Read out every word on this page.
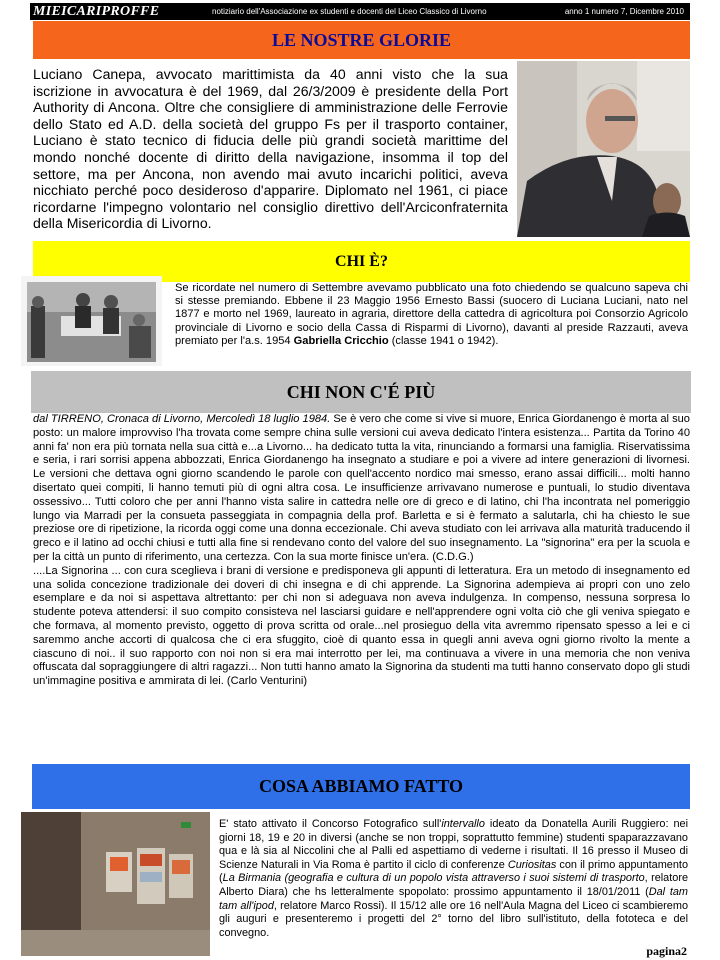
MIEICARIPROFFE	notiziario dell'Associazione ex studenti e docenti del Liceo Classico di Livorno	anno 1 numero 7, Dicembre 2010
LE NOSTRE GLORIE
Luciano Canepa, avvocato marittimista da 40 anni visto che la sua iscrizione in avvocatura è del 1969, dal 26/3/2009 è presidente della Port Authority di Ancona. Oltre che consigliere di amministrazione delle Ferrovie dello Stato ed A.D. della società del gruppo Fs per il trasporto container, Luciano è stato tecnico di fiducia delle più grandi società marittime del mondo nonché docente di diritto della navigazione, insomma il top del settore, ma per Ancona, non avendo mai avuto incarichi politici, aveva nicchiato perché poco desideroso d'apparire. Diplomato nel 1961, ci piace ricordarne l'impegno volontario nel consiglio direttivo dell'Arciconfraternita della Misericordia di Livorno.
CHI È?
Se ricordate nel numero di Settembre avevamo pubblicato una foto chiedendo se qualcuno sapeva chi si stesse premiando. Ebbene il 23 Maggio 1956 Ernesto Bassi (suocero di Luciana Luciani, nato nel 1877 e morto nel 1969, laureato in agraria, direttore della cattedra di agricoltura poi Consorzio Agricolo provinciale di Livorno e socio della Cassa di Risparmi di Livorno), davanti al preside Razzauti, aveva premiato per l'a.s. 1954 Gabriella Cricchio (classe 1941 o 1942).
CHI NON C'É PIÙ

dal TIRRENO, Cronaca di Livorno, Mercoledì 18 luglio 1984. Se è vero che come si vive si muore, Enrica Giordanengo è morta al suo posto: un malore improvviso l'ha trovata come sempre china sulle versioni cui aveva dedicato l'intera esistenza... Partita da Torino 40 anni fa' non era più tornata nella sua città e...a Livorno... ha dedicato tutta la vita, rinunciando a formarsi una famiglia. Riservatissima e seria, i rari sorrisi appena abbozzati, Enrica Giordanengo ha insegnato a studiare e poi a vivere ad intere generazioni di livornesi. Le versioni che dettava ogni giorno scandendo le parole con quell'accento nordico mai smesso, erano assai difficili... molti hanno disertato quei compiti, li hanno temuti più di ogni altra cosa. Le insufficienze arrivavano numerose e puntuali, lo studio diventava ossessivo... Tutti coloro che per anni l'hanno vista salire in cattedra nelle ore di greco e di latino, chi l'ha incontrata nel pomeriggio lungo via Marradi per la consueta passeggiata in compagnia della prof. Barletta e si è fermato a salutarla, chi ha chiesto le sue preziose ore di ripetizione, la ricorda oggi come una donna eccezionale. Chi aveva studiato con lei arrivava alla maturità traducendo il greco e il latino ad occhi chiusi e tutti alla fine si rendevano conto del valore del suo insegnamento. La "signorina" era per la scuola e per la città un punto di riferimento, una certezza. Con la sua morte finisce un'era. (C.D.G.)

....La Signorina ... con cura sceglieva i brani di versione e predisponeva gli appunti di letteratura. Era un metodo di insegnamento ed una solida concezione tradizionale dei doveri di chi insegna e di chi apprende. La Signorina adempieva ai propri con uno zelo esemplare e da noi si aspettava altrettanto: per chi non si adeguava non aveva indulgenza. In compenso, nessuna sorpresa lo studente poteva attendersi: il suo compito consisteva nel lasciarsi guidare e nell'apprendere ogni volta ciò che gli veniva spiegato e che formava, al momento previsto, oggetto di prova scritta od orale...nel prosieguo della vita avremmo ripensato spesso a lei e ci saremmo anche accorti di qualcosa che ci era sfuggito, cioè di quanto essa in quegli anni aveva ogni giorno rivolto la mente a ciascuno di noi.. il suo rapporto con noi non si era mai interrotto per lei, ma continuava a vivere in una memoria che non veniva offuscata dal sopraggiungere di altri ragazzi... Non tutti hanno amato la Signorina da studenti ma tutti hanno conservato dopo gli studi un'immagine positiva e ammirata di lei. (Carlo Venturini)

COSA ABBIAMO FATTO
E' stato attivato il Concorso Fotografico sull'intervallo ideato da Donatella Aurili Ruggiero: nei giorni 18, 19 e 20 in diversi (anche se non troppi, soprattutto femmine) studenti spaparazzavano qua e là sia al Niccolini che al Palli ed aspettiamo di vederne i risultati. Il 16 presso il Museo di Scienze Naturali in Via Roma è partito il ciclo di conferenze Curiositas con il primo appuntamento (La Birmania (geografia e cultura di un popolo vista attraverso i suoi sistemi di trasporto, relatore Alberto Diara) che hs letteralmente spopolato: prossimo appuntamento il 18/01/2011 (Dal tam tam all'ipod, relatore Marco Rossi). Il 15/12 alle ore 16 nell'Aula Magna del Liceo ci scambieremo gli auguri e presenteremo i progetti del 2° torno del libro sull'istituto, della fototeca e del convegno.
pagina2
